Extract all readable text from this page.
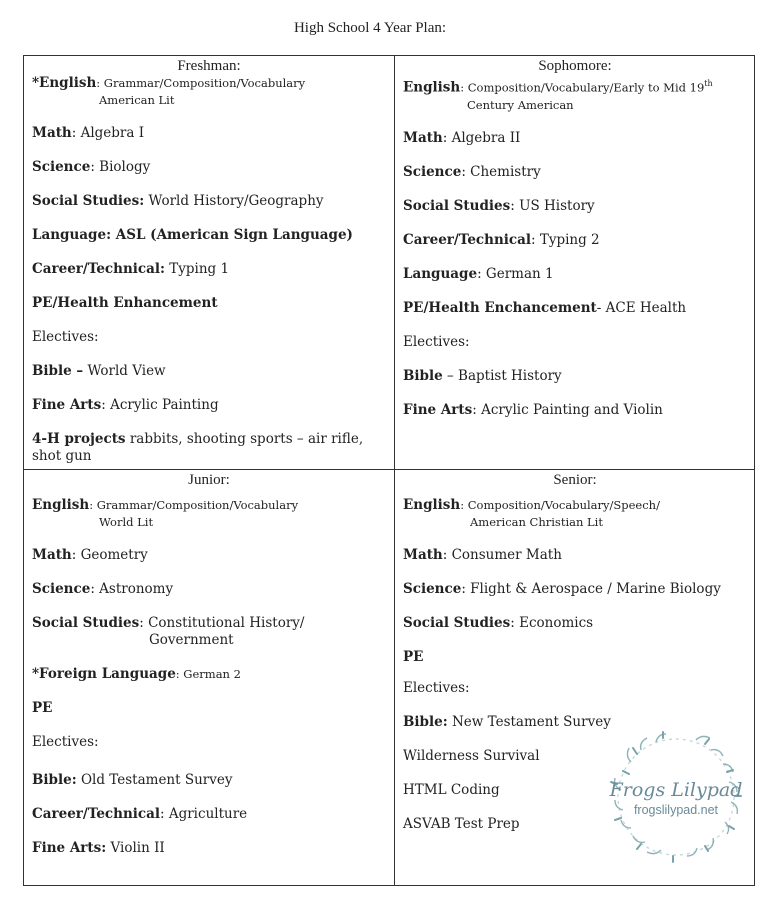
High School 4 Year Plan:
Freshman:
*English: Grammar/Composition/Vocabulary
American Lit
Math: Algebra I
Science: Biology
Social Studies: World History/Geography
Language: ASL (American Sign Language)
Career/Technical: Typing 1
PE/Health Enhancement
Electives:
Bible – World View
Fine Arts: Acrylic Painting
4-H projects rabbits, shooting sports – air rifle, shot gun
Sophomore:
English: Composition/Vocabulary/Early to Mid 19th
Century American
Math: Algebra II
Science: Chemistry
Social Studies: US History
Career/Technical: Typing 2
Language: German 1
PE/Health Enchancement- ACE Health
Electives:
Bible – Baptist History
Fine Arts: Acrylic Painting and Violin
Junior:
English: Grammar/Composition/Vocabulary
World Lit
Math: Geometry
Science: Astronomy
Social Studies: Constitutional History/
Government
*Foreign Language: German 2
PE
Electives:
Bible: Old Testament Survey
Career/Technical: Agriculture
Fine Arts: Violin II
Senior:
English: Composition/Vocabulary/Speech/
American Christian Lit
Math: Consumer Math
Science: Flight & Aerospace / Marine Biology
Social Studies: Economics
PE
Electives:
Bible: New Testament Survey
Wilderness Survival
HTML Coding
ASVAB Test Prep
Frogs Lilypad
frogslilypad.net
